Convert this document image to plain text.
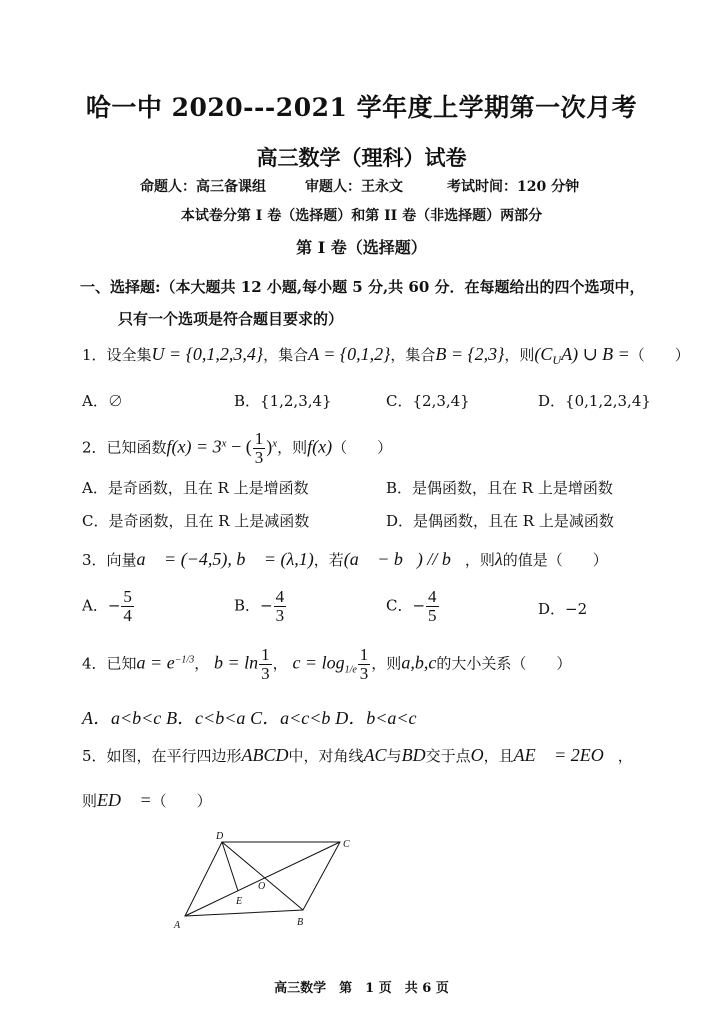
哈一中 2020---2021 学年度上学期第一次月考
高三数学（理科）试卷
命题人：高三备课组	审题人：王永文	考试时间：120 分钟
本试卷分第 I 卷（选择题）和第 II 卷（非选择题）两部分
第 I 卷（选择题）
一、选择题:（本大题共 12 小题,每小题 5 分,共 60 分．在每题给出的四个选项中，
只有一个选项是符合题目要求的）
1．设全集U = {0,1,2,3,4}，集合A = {0,1,2}，集合B = {2,3}，则$(C_UA)$ ∪ B =（　　）
A．∅	B．{1,2,3,4}	C．{2,3,4}	D．{0,1,2,3,4}
2．已知函数$f(x) = 3^x$ − ( $\frac{1}{3} )^x$，则f(x)（　　）
A．是奇函数，且在 R 上是增函数	B．是偶函数，且在 R 上是增函数
C．是奇函数，且在 R 上是减函数	D．是偶函数，且在 R 上是减函数
3．向量a⃗ = (−4,5), b⃗ = (λ,1)，若(a⃗ − b⃗) // b⃗，则λ的值是（　　）
A．− $\frac{5}{4}$	B．− $\frac{4}{3}$	C．− $\frac{4}{5}$	D．−2
4．已知$a = e^{-1/3}$， $b = \ln \frac{1}{3}$ ， $c = \log_{1/e} \frac{1}{3}$ ，则a,b,c的大小关系（　　）
A．a<b<c B．c<b<a C．a<c<b D．b<a<c
5．如图，在平行四边形ABCD中，对角线AC与BD交于点O，且AE⃗ = 2EO⃗，
则ED⃗ =（　　）
A	B
C
D
O
E
高三数学　第　1 页　共 6 页
